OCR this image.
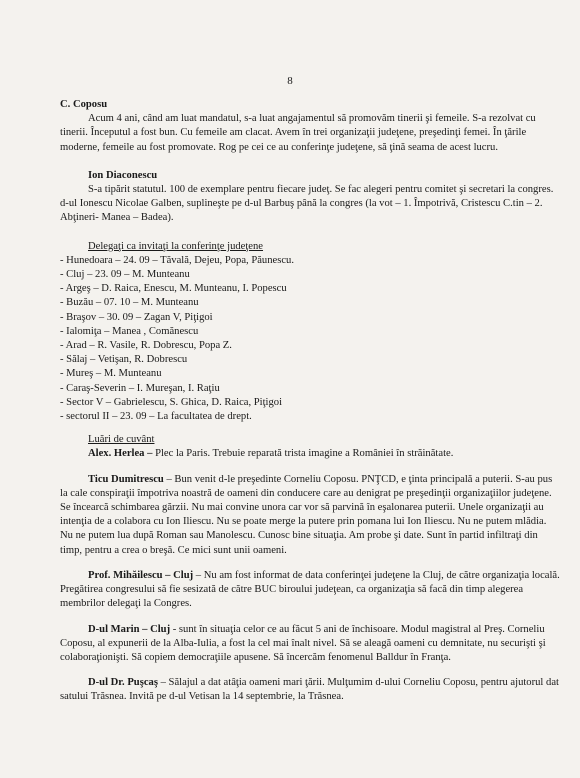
8

C. Coposu

Acum 4 ani, când am luat mandatul, s-a luat angajamentul să promovăm tinerii şi femeile. S-a rezolvat cu tinerii. Începutul a fost bun. Cu femeile am clacat. Avem în trei organizaţii judeţene, preşedinţi femei. În ţările moderne, femeile au fost promovate. Rog pe cei ce au conferinţe judeţene, să ţină seama de acest lucru.

Ion Diaconescu

S-a tipărit statutul. 100 de exemplare pentru fiecare judeţ. Se fac alegeri pentru comitet şi secretari la congres. d-ul Ionescu Nicolae Galben, suplineşte pe d-ul Barbuş până la congres (la vot – 1. Împotrivă, Cristescu C.tin – 2. Abţineri- Manea – Badea).

Delegaţi ca invitaţi la conferinţe judeţene

- Hunedoara – 24. 09 – Tăvală, Dejeu, Popa, Păunescu.
- Cluj – 23. 09 – M. Munteanu
- Argeş – D. Raica, Enescu, M. Munteanu, I. Popescu
- Buzău – 07. 10 – M. Munteanu
- Braşov – 30. 09 – Zagan V, Piţigoi
- Ialomiţa – Manea , Comănescu
- Arad – R. Vasile, R. Dobrescu, Popa Z.
- Sălaj – Vetişan, R. Dobrescu
- Mureş – M. Munteanu
- Caraş-Severin – I. Mureşan, I. Raţiu
- Sector V – Gabrielescu, S. Ghica, D. Raica, Piţigoi
- sectorul II – 23. 09 – La facultatea de drept.

Luări de cuvânt

Alex. Herlea – Plec la Paris. Trebuie reparată trista imagine a României în străinătate.

Ticu Dumitrescu – Bun venit d-le preşedinte Corneliu Coposu. PNŢCD, e ţinta principală a puterii. S-au pus la cale conspiraţii împotriva noastră de oameni din conducere care au denigrat pe preşedinţii organizaţiilor judeţene. Se încearcă schimbarea gărzii. Nu mai convine unora car vor să parvină în eşalonarea puterii. Unele organizaţii au intenţia de a colabora cu Ion Iliescu. Nu se poate merge la putere prin pomana lui Ion Iliescu. Nu ne putem mlădia. Nu ne putem lua după Roman sau Manolescu. Cunosc bine situaţia. Am probe şi date. Sunt în partid infiltraţi din timp, pentru a crea o breşă. Ce mici sunt unii oameni.

Prof. Mihăilescu – Cluj – Nu am fost informat de data conferinţei judeţene la Cluj, de către organizaţia locală. Pregătirea congresului să fie sesizată de către BUC biroului judeţean, ca organizaţia să facă din timp alegerea membrilor delegaţi la Congres.

D-ul Marin – Cluj - sunt în situaţia celor ce au făcut 5 ani de închisoare. Modul magistral al Preş. Corneliu Coposu, al expunerii de la Alba-Iulia, a fost la cel mai înalt nivel. Să se aleagă oameni cu demnitate, nu securişti şi colaboraţionişti. Să copiem democraţiile apusene. Să încercăm fenomenul Balldur în Franţa.

D-ul Dr. Puşcaş – Sălajul a dat atâţia oameni mari ţării. Mulţumim d-ului Corneliu Coposu, pentru ajutorul dat satului Trăsnea. Invită pe d-ul Vetisan la 14 septembrie, la Trăsnea.
